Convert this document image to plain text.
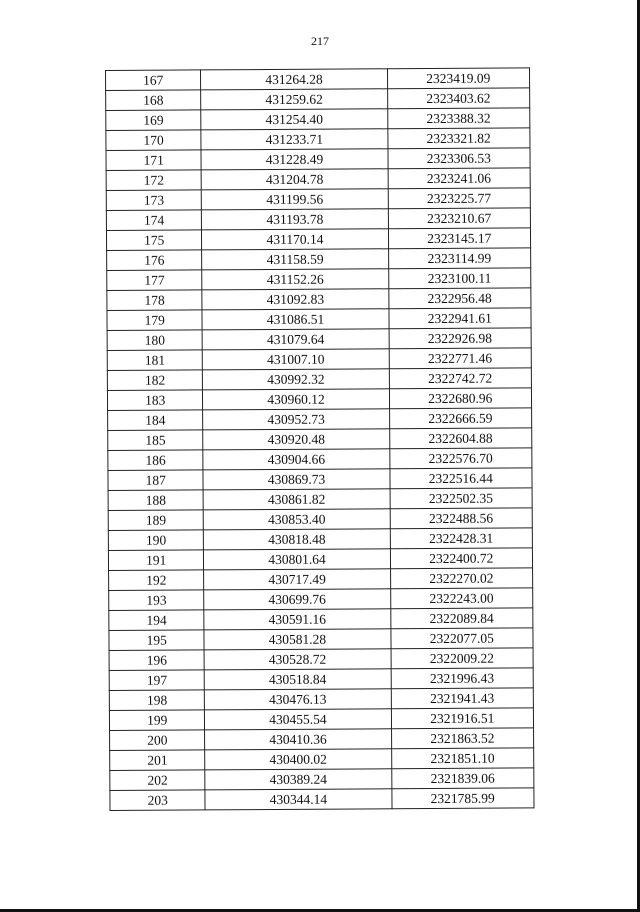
217
167	431264.28	2323419.09
168	431259.62	2323403.62
169	431254.40	2323388.32
170	431233.71	2323321.82
171	431228.49	2323306.53
172	431204.78	2323241.06
173	431199.56	2323225.77
174	431193.78	2323210.67
175	431170.14	2323145.17
176	431158.59	2323114.99
177	431152.26	2323100.11
178	431092.83	2322956.48
179	431086.51	2322941.61
180	431079.64	2322926.98
181	431007.10	2322771.46
182	430992.32	2322742.72
183	430960.12	2322680.96
184	430952.73	2322666.59
185	430920.48	2322604.88
186	430904.66	2322576.70
187	430869.73	2322516.44
188	430861.82	2322502.35
189	430853.40	2322488.56
190	430818.48	2322428.31
191	430801.64	2322400.72
192	430717.49	2322270.02
193	430699.76	2322243.00
194	430591.16	2322089.84
195	430581.28	2322077.05
196	430528.72	2322009.22
197	430518.84	2321996.43
198	430476.13	2321941.43
199	430455.54	2321916.51
200	430410.36	2321863.52
201	430400.02	2321851.10
202	430389.24	2321839.06
203	430344.14	2321785.99
